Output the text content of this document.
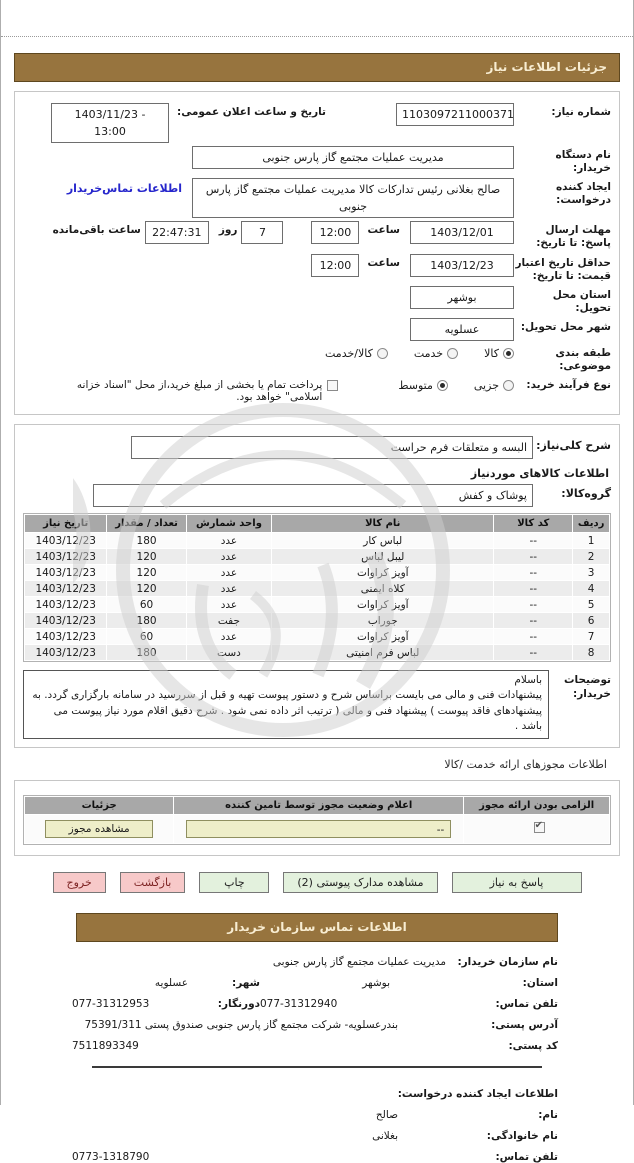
جزئیات اطلاعات نیاز
شماره نیاز:
1103097211000371
تاریخ و ساعت اعلان عمومی:
1403/11/23 - 13:00
نام دستگاه خریدار:
مدیریت عملیات مجتمع گاز پارس جنوبی
ایجاد کننده درخواست:
صالح بغلانی رئیس تدارکات کالا مدیریت عملیات مجتمع گاز پارس جنوبی
اطلاعات تماس‌خریدار
مهلت ارسال پاسخ: تا تاریخ:
1403/12/01
ساعت
12:00
7
روز
22:47:31
ساعت باقی‌مانده
حداقل تاریخ اعتبار قیمت: تا تاریخ:
1403/12/23
ساعت
12:00
استان محل تحویل:
بوشهر
شهر محل تحویل:
عسلویه
طبقه بندی موضوعی:
کالا
خدمت
کالا/خدمت
نوع فرآیند خرید:
جزیی
متوسط
پرداخت تمام یا بخشی از مبلغ خرید،از محل "اسناد خزانه اسلامی" خواهد بود.
شرح کلی‌نیاز:
البسه و متعلقات فرم حراست
اطلاعات کالاهای موردنیاز
گروه‌کالا:
پوشاک و کفش
ردیف	کد کالا	نام کالا	واحد شمارش	تعداد / مقدار	تاریخ نیاز
1	--	لباس کار	عدد	180	1403/12/23
2	--	لیبل لباس	عدد	120	1403/12/23
3	--	آویز کراوات	عدد	120	1403/12/23
4	--	کلاه ایمنی	عدد	120	1403/12/23
5	--	آویز کراوات	عدد	60	1403/12/23
6	--	جوراب	جفت	180	1403/12/23
7	--	آویز کراوات	عدد	60	1403/12/23
8	--	لباس فرم امنیتی	دست	180	1403/12/23
توضیحات خریدار:
باسلام
پیشنهادات فنی و مالی می بایست براساس شرح و دستور پیوست تهیه و قبل از سررسید در سامانه بارگزاری گردد. به پیشنهادهای فاقد پیوست ) پیشنهاد فنی و مالی ( ترتیب اثر داده نمی شود . شرح دقیق اقلام مورد نیاز پیوست می باشد .
اطلاعات مجوزهای ارائه خدمت /کالا
الزامی بودن ارائه مجوز	اعلام وضعیت مجوز توسط تامین کننده	جزئیات
✔	
--	مشاهده مجوز
پاسخ به نیاز
مشاهده مدارک پیوستی (2)
چاپ
بازگشت
خروج
اطلاعات تماس سازمان خریدار
نام سازمان خریدار:
مدیریت عملیات مجتمع گاز پارس جنوبی
استان:
بوشهر
شهر:
عسلویه
تلفن تماس:
077-31312940
دورنگار:
077-31312953
آدرس پستی:
بندرعسلویه- شرکت مجتمع گاز پارس جنوبی صندوق پستی 75391/311
کد پستی:
7511893349
اطلاعات ایجاد کننده درخواست:
نام:
صالح
نام خانوادگی:
بغلانی
تلفن تماس:
0773-1318790
